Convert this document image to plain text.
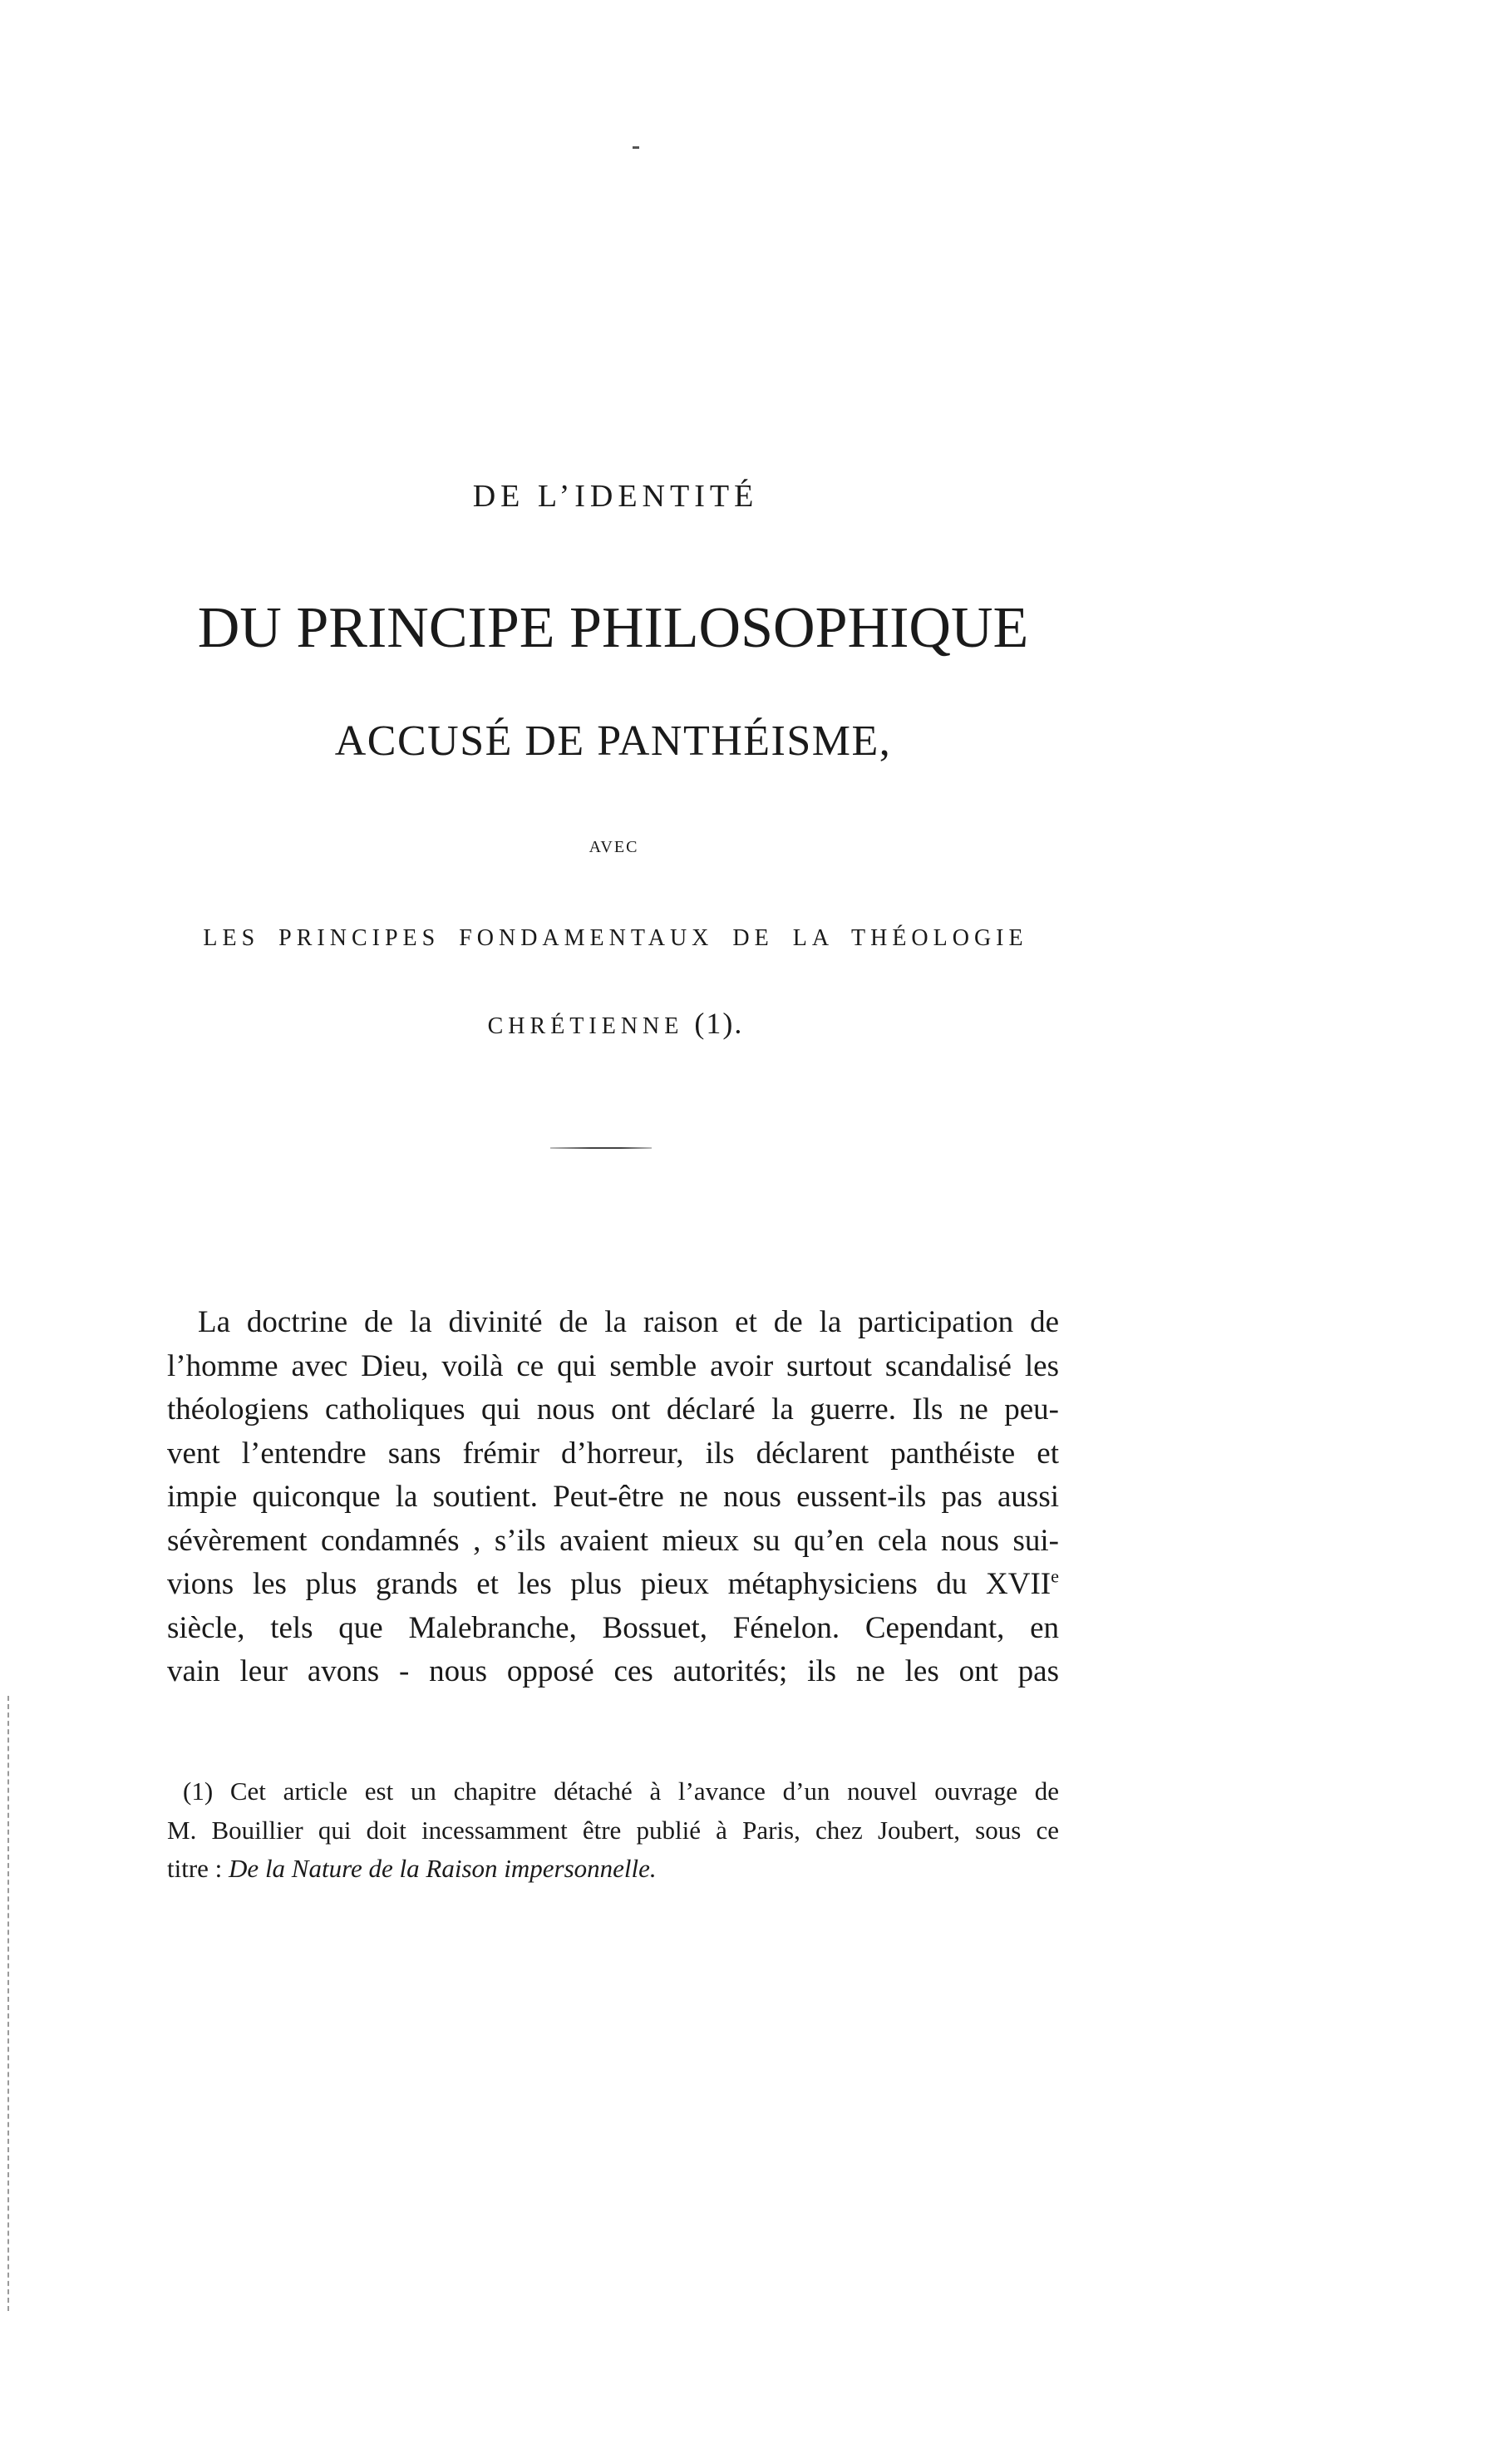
DE L’IDENTITÉ
DU PRINCIPE PHILOSOPHIQUE
ACCUSÉ DE PANTHÉISME,
AVEC
LES PRINCIPES FONDAMENTAUX DE LA THÉOLOGIE
CHRÉTIENNE (1).
La doctrine de la divinité de la raison et de la participation de
l’homme avec Dieu, voilà ce qui semble avoir surtout scandalisé les
théologiens catholiques qui nous ont déclaré la guerre. Ils ne peu-
vent l’entendre sans frémir d’horreur, ils déclarent panthéiste et
impie quiconque la soutient. Peut-être ne nous eussent-ils pas aussi
sévèrement condamnés , s’ils avaient mieux su qu’en cela nous sui-
vions les plus grands et les plus pieux métaphysiciens du XVIIe
siècle, tels que Malebranche, Bossuet, Fénelon. Cependant, en
vain leur avons - nous opposé ces autorités; ils ne les ont pas
(1) Cet article est un chapitre détaché à l’avance d’un nouvel ouvrage de
M. Bouillier qui doit incessamment être publié à Paris, chez Joubert, sous ce
titre : De la Nature de la Raison impersonnelle.
